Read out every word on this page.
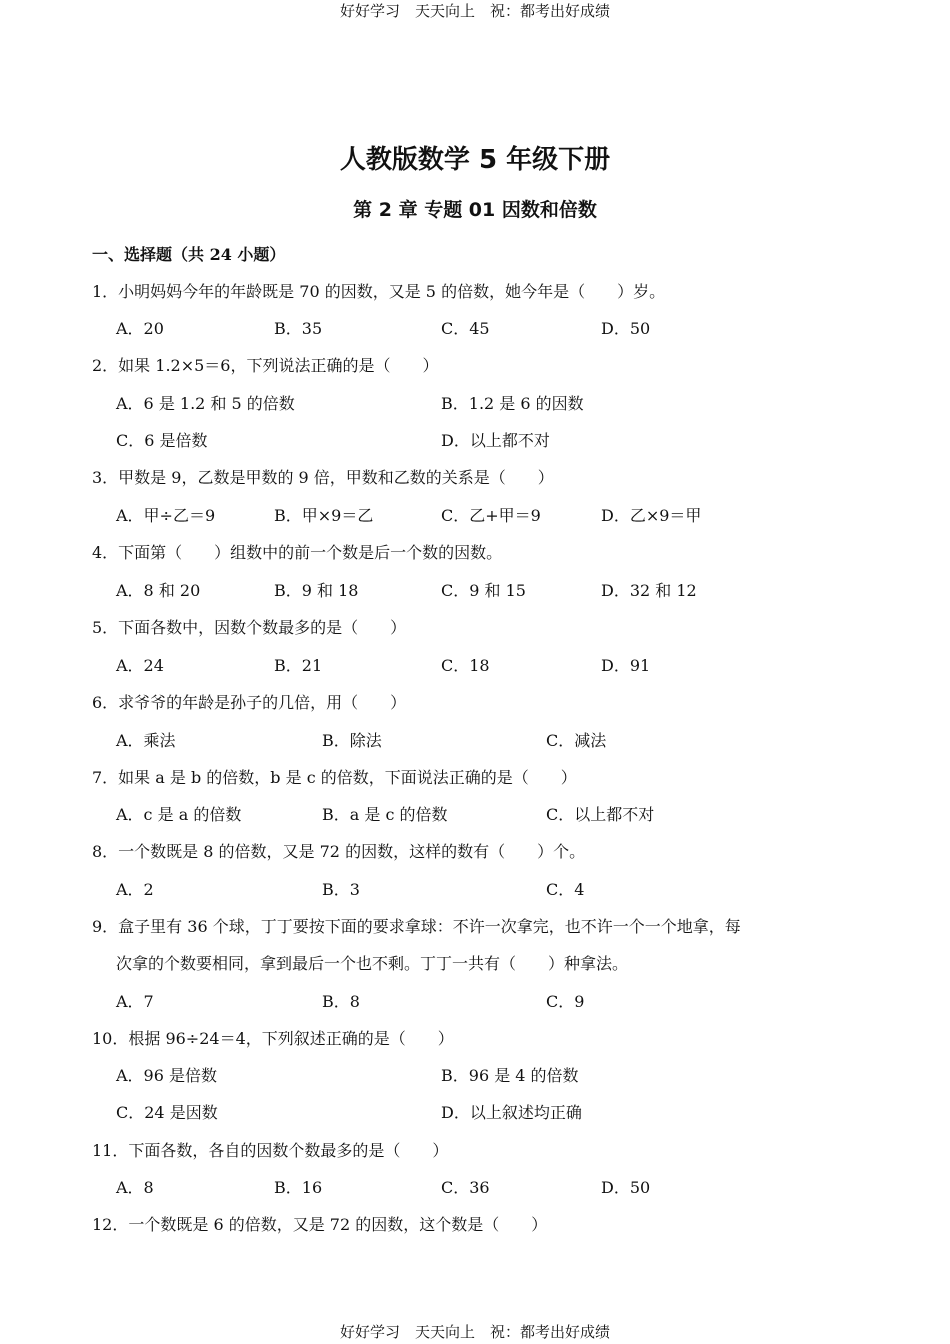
好好学习　天天向上　祝：都考出好成绩
人教版数学 5 年级下册
第 2 章 专题 01 因数和倍数
一、选择题（共 24 小题）
1．小明妈妈今年的年龄既是 70 的因数，又是 5 的倍数，她今年是（　　）岁。
A．20	B．35	C．45	D．50
2．如果 1.2×5＝6，下列说法正确的是（　　）
A．6 是 1.2 和 5 的倍数	B．1.2 是 6 的因数
C．6 是倍数	D．以上都不对
3．甲数是 9，乙数是甲数的 9 倍，甲数和乙数的关系是（　　）
A．甲÷乙＝9	B．甲×9＝乙	C．乙+甲＝9	D．乙×9＝甲
4．下面第（　　）组数中的前一个数是后一个数的因数。
A．8 和 20	B．9 和 18	C．9 和 15	D．32 和 12
5．下面各数中，因数个数最多的是（　　）
A．24	B．21	C．18	D．91
6．求爷爷的年龄是孙子的几倍，用（　　）
A．乘法	B．除法	C．减法
7．如果 a 是 b 的倍数，b 是 c 的倍数，下面说法正确的是（　　）
A．c 是 a 的倍数	B．a 是 c 的倍数	C．以上都不对
8．一个数既是 8 的倍数，又是 72 的因数，这样的数有（　　）个。
A．2	B．3	C．4
9．盒子里有 36 个球，丁丁要按下面的要求拿球：不许一次拿完，也不许一个一个地拿，每
次拿的个数要相同，拿到最后一个也不剩。丁丁一共有（　　）种拿法。
A．7	B．8	C．9
10．根据 96÷24＝4，下列叙述正确的是（　　）
A．96 是倍数	B．96 是 4 的倍数
C．24 是因数	D．以上叙述均正确
11．下面各数，各自的因数个数最多的是（　　）
A．8	B．16	C．36	D．50
12．一个数既是 6 的倍数，又是 72 的因数，这个数是（　　）
好好学习　天天向上　祝：都考出好成绩
